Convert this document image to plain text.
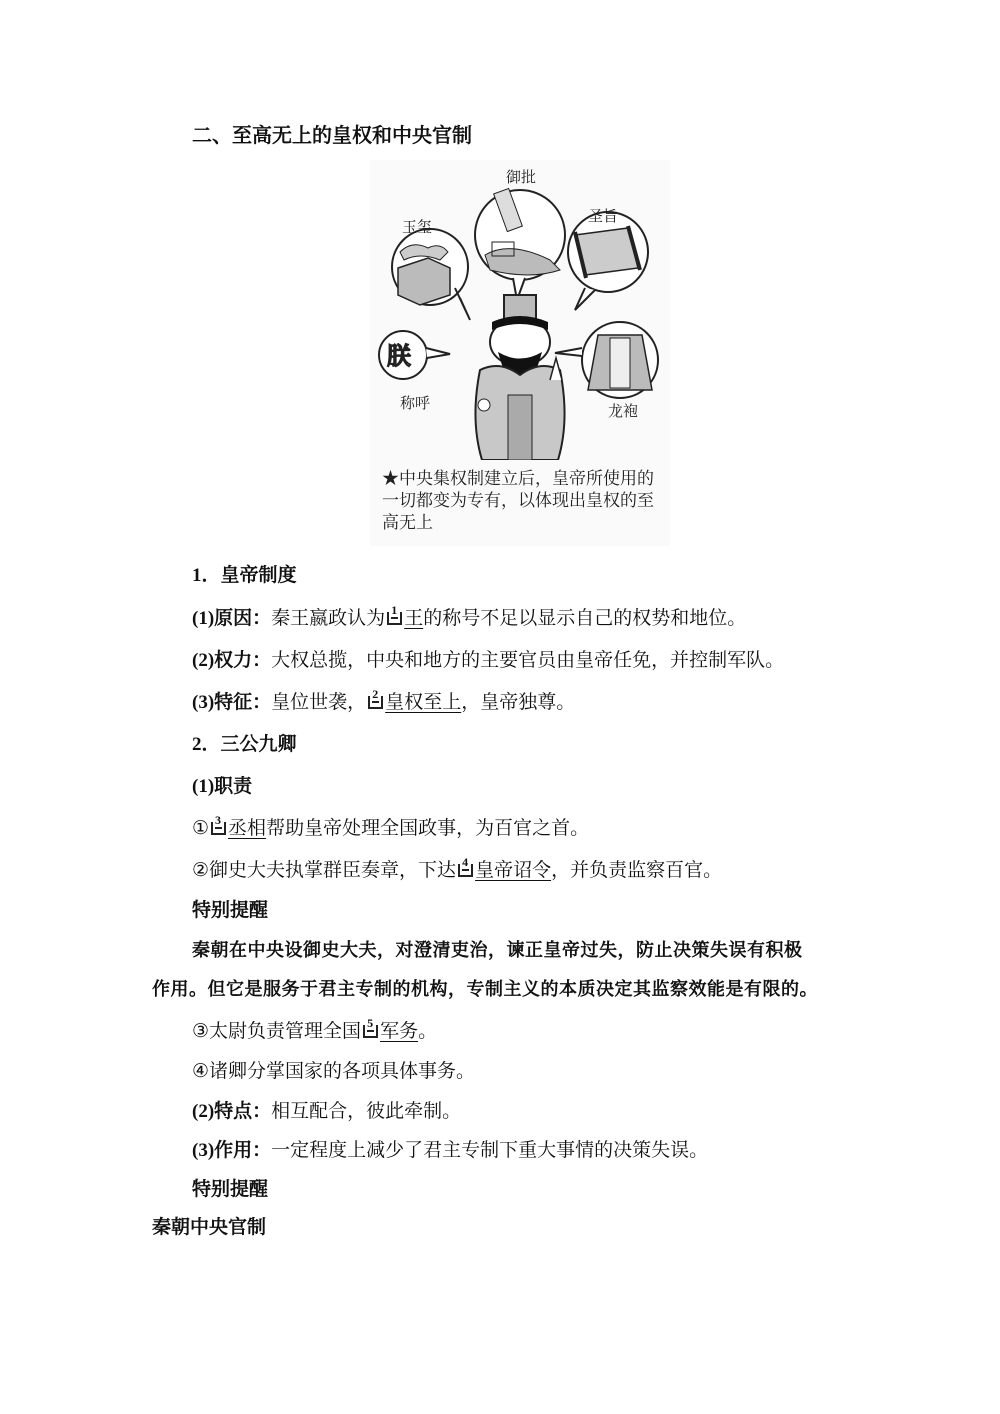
二、至高无上的皇权和中央官制
朕
御批
玉玺
圣旨
称呼	龙袍
★中央集权制建立后，皇帝所使用的 一切都变为专有，以体现出皇权的至高无上
1．皇帝制度
(1)原因：秦王嬴政认为 1 王的称号不足以显示自己的权势和地位。
(2)权力：大权总揽，中央和地方的主要官员由皇帝任免，并控制军队。
(3)特征：皇位世袭， 2 皇权至上，皇帝独尊。
2．三公九卿
(1)职责
① 3 丞相帮助皇帝处理全国政事，为百官之首。
②御史大夫执掌群臣奏章，下达 4 皇帝诏令，并负责监察百官。
特别提醒
秦朝在中央设御史大夫，对澄清吏治，谏正皇帝过失，防止决策失误有积极
作用。但它是服务于君主专制的机构，专制主义的本质决定其监察效能是有限的。
③太尉负责管理全国 5 军务。
④诸卿分掌国家的各项具体事务。
(2)特点：相互配合，彼此牵制。
(3)作用：一定程度上减少了君主专制下重大事情的决策失误。
特别提醒
秦朝中央官制
